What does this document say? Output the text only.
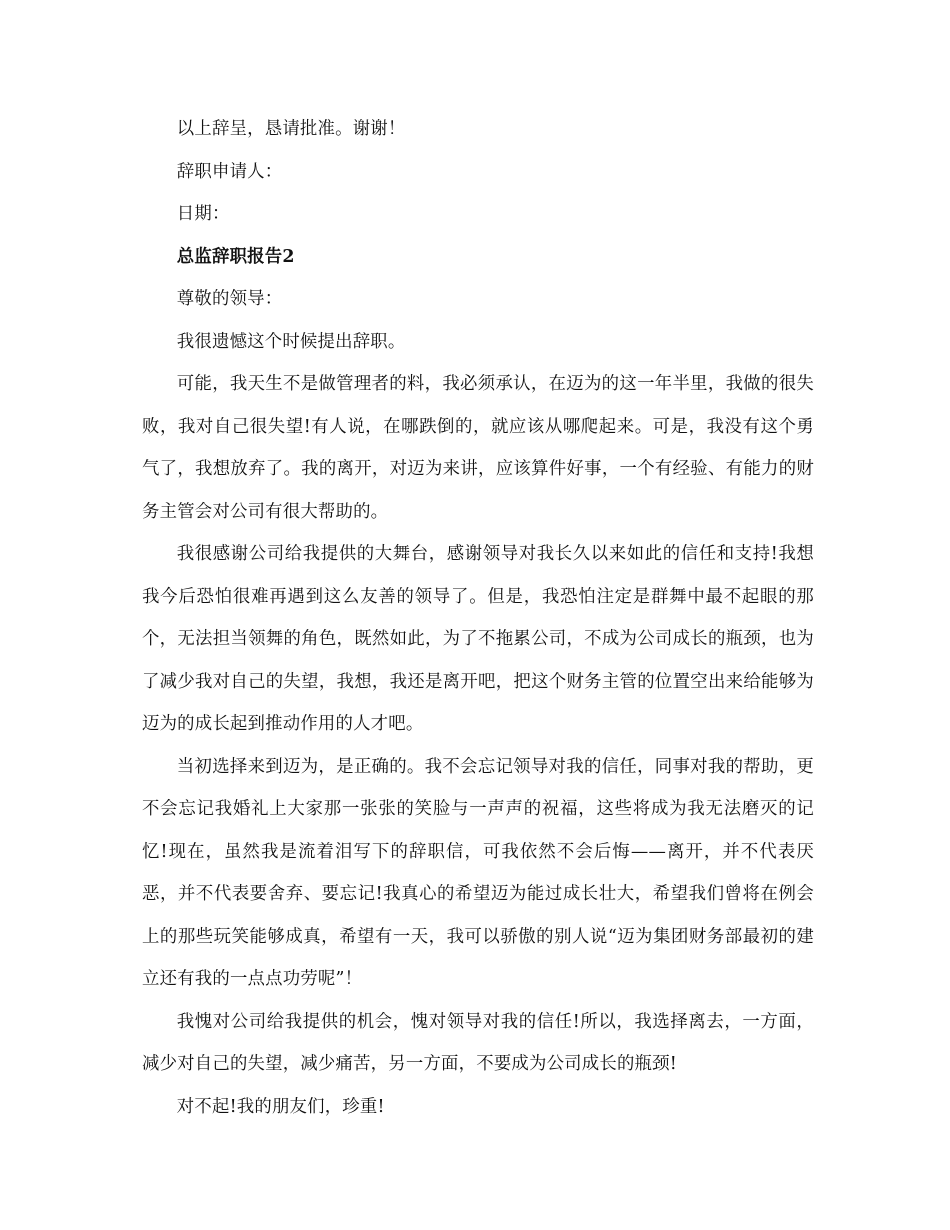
以上辞呈，恳请批准。谢谢！

辞职申请人：

日期：

总监辞职报告2

尊敬的领导：

我很遗憾这个时候提出辞职。

可能，我天生不是做管理者的料，我必须承认，在迈为的这一年半里，我做的很失败，我对自己很失望!有人说，在哪跌倒的，就应该从哪爬起来。可是，我没有这个勇气了，我想放弃了。我的离开，对迈为来讲，应该算件好事，一个有经验、有能力的财务主管会对公司有很大帮助的。

我很感谢公司给我提供的大舞台，感谢领导对我长久以来如此的信任和支持!我想我今后恐怕很难再遇到这么友善的领导了。但是，我恐怕注定是群舞中最不起眼的那个，无法担当领舞的角色，既然如此，为了不拖累公司，不成为公司成长的瓶颈，也为了减少我对自己的失望，我想，我还是离开吧，把这个财务主管的位置空出来给能够为迈为的成长起到推动作用的人才吧。

当初选择来到迈为，是正确的。我不会忘记领导对我的信任，同事对我的帮助，更不会忘记我婚礼上大家那一张张的笑脸与一声声的祝福，这些将成为我无法磨灭的记忆!现在，虽然我是流着泪写下的辞职信，可我依然不会后悔——离开，并不代表厌恶，并不代表要舍弃、要忘记!我真心的希望迈为能过成长壮大，希望我们曾将在例会上的那些玩笑能够成真，希望有一天，我可以骄傲的别人说“迈为集团财务部最初的建立还有我的一点点功劳呢”！

我愧对公司给我提供的机会，愧对领导对我的信任!所以，我选择离去，一方面，减少对自己的失望，减少痛苦，另一方面，不要成为公司成长的瓶颈!

对不起!我的朋友们，珍重!
